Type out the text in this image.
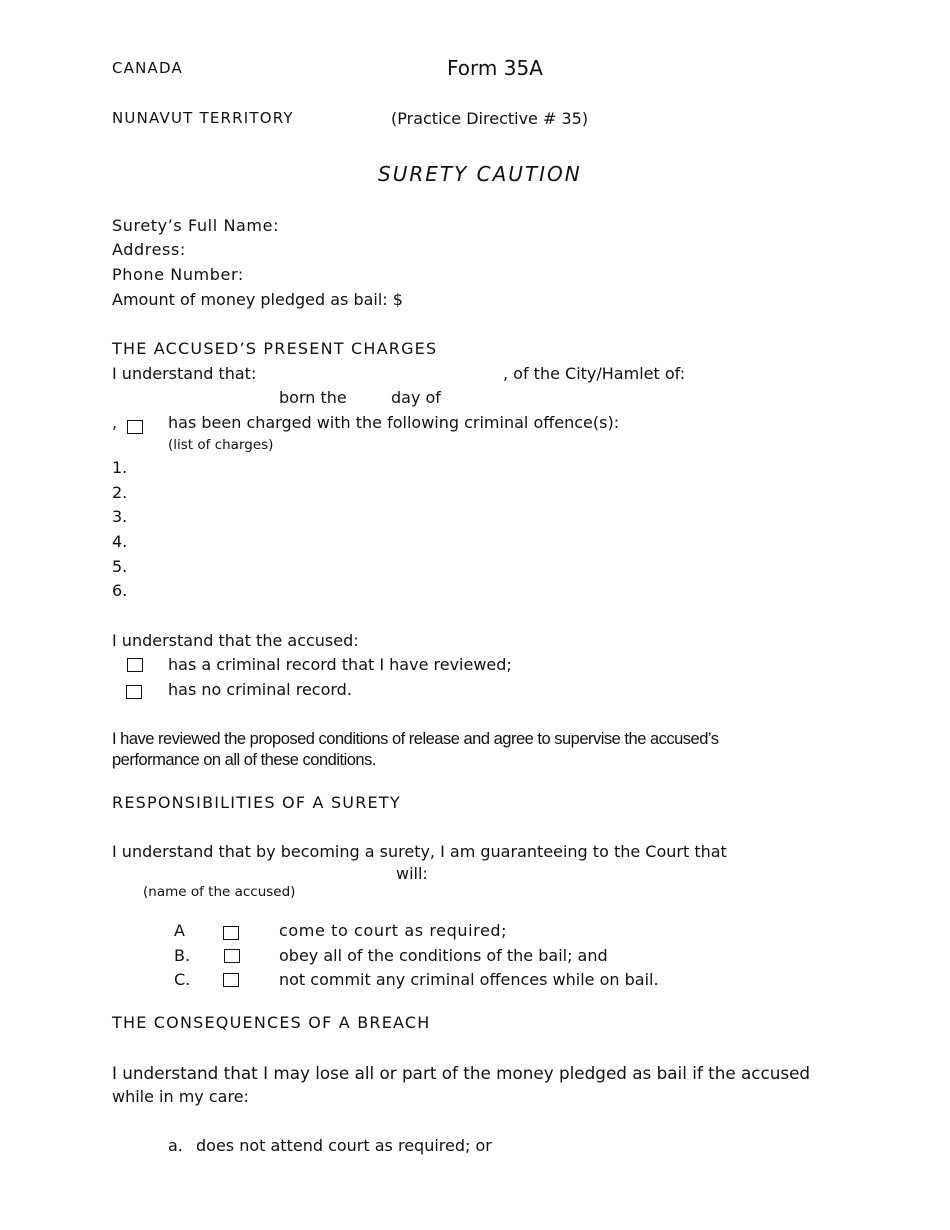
CANADA	Form 35A
NUNAVUT TERRITORY	(Practice Directive # 35)
SURETY CAUTION
Surety’s Full Name:
Address:
Phone Number:
Amount of money pledged as bail: $
THE ACCUSED’S PRESENT CHARGES
I understand that:	, of the City/Hamlet of:
born the	day of
,	has been charged with the following criminal offence(s):
(list of charges)
1.
2.
3.
4.
5.
6.
I understand that the accused:
has a criminal record that I have reviewed;
has no criminal record.
I have reviewed the proposed conditions of release and agree to supervise the accused’s
performance on all of these conditions.
RESPONSIBILITIES OF A SURETY
I understand that by becoming a surety, I am guaranteeing to the Court that
will:
(name of the accused)
A	come to court as required;
B.	obey all of the conditions of the bail; and
C.	not commit any criminal offences while on bail.
THE CONSEQUENCES OF A BREACH
I understand that I may lose all or part of the money pledged as bail if the accused
while in my care:
a. does not attend court as required; or
